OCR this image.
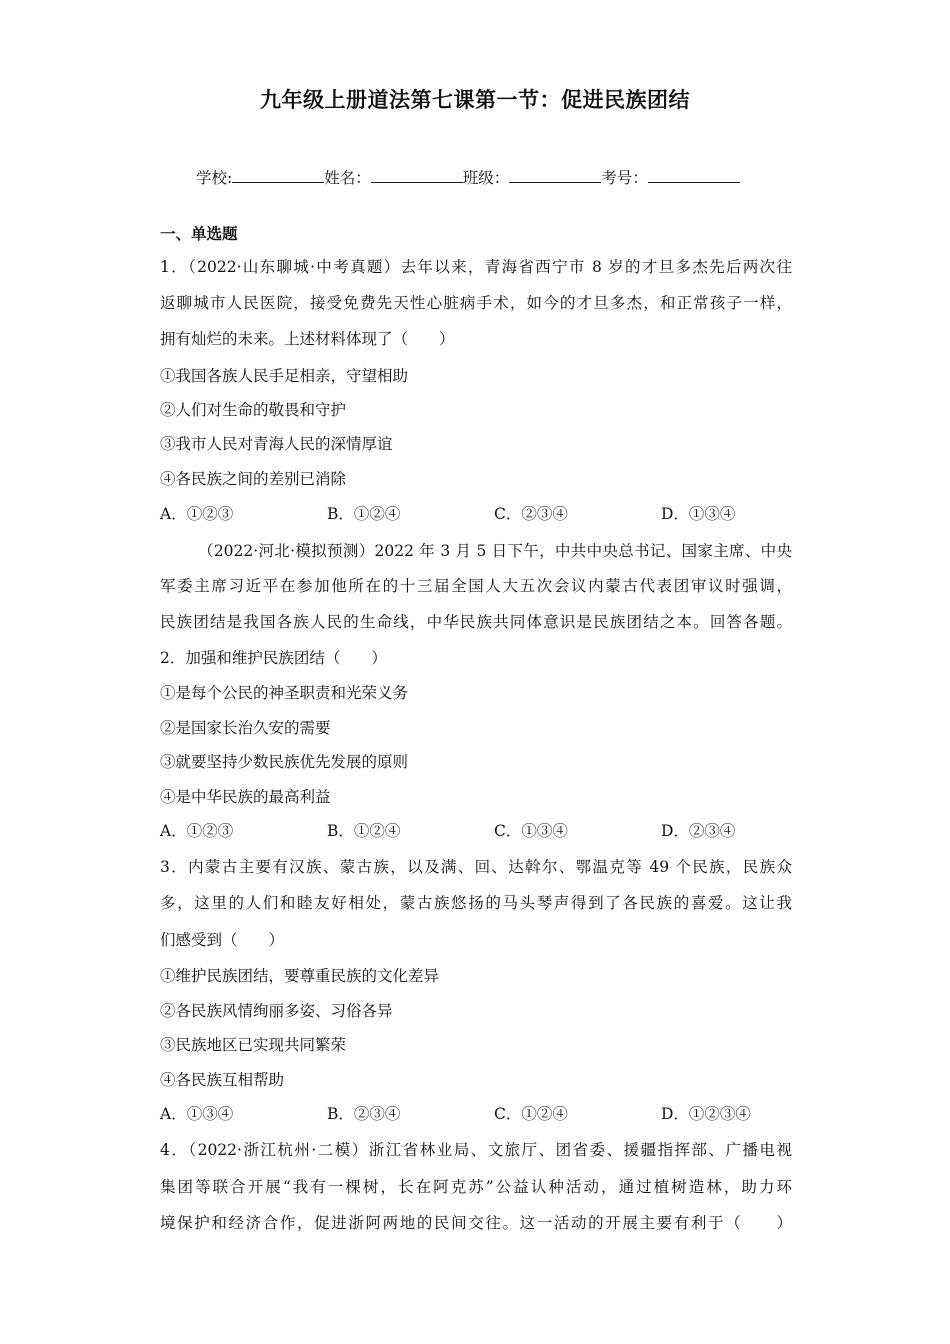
九年级上册道法第七课第一节：促进民族团结
学校:	姓名：	班级：	考号：
一、单选题
1．（2022·山东聊城·中考真题）去年以来，青海省西宁市 8 岁的才旦多杰先后两次往
返聊城市人民医院，接受免费先天性心脏病手术，如今的才旦多杰，和正常孩子一样，
拥有灿烂的未来。上述材料体现了（　　）
①我国各族人民手足相亲，守望相助
②人们对生命的敬畏和守护
③我市人民对青海人民的深情厚谊
④各民族之间的差别已消除
A．①②③	B．①②④	C．②③④	D．①③④
（2022·河北·模拟预测）2022 年 3 月 5 日下午，中共中央总书记、国家主席、中央
军委主席习近平在参加他所在的十三届全国人大五次会议内蒙古代表团审议时强调，
民族团结是我国各族人民的生命线，中华民族共同体意识是民族团结之本。回答各题。
2．加强和维护民族团结（　　）
①是每个公民的神圣职责和光荣义务
②是国家长治久安的需要
③就要坚持少数民族优先发展的原则
④是中华民族的最高利益
A．①②③	B．①②④	C．①③④	D．②③④
3．内蒙古主要有汉族、蒙古族，以及满、回、达斡尔、鄂温克等 49 个民族，民族众
多，这里的人们和睦友好相处，蒙古族悠扬的马头琴声得到了各民族的喜爱。这让我
们感受到（　　）
①维护民族团结，要尊重民族的文化差异
②各民族风情绚丽多姿、习俗各异
③民族地区已实现共同繁荣
④各民族互相帮助
A．①③④	B．②③④	C．①②④	D．①②③④
4．（2022·浙江杭州·二模）浙江省林业局、文旅厅、团省委、援疆指挥部、广播电视
集团等联合开展“我有一棵树，长在阿克苏”公益认种活动，通过植树造林，助力环
境保护和经济合作，促进浙阿两地的民间交往。这一活动的开展主要有利于（　　）
